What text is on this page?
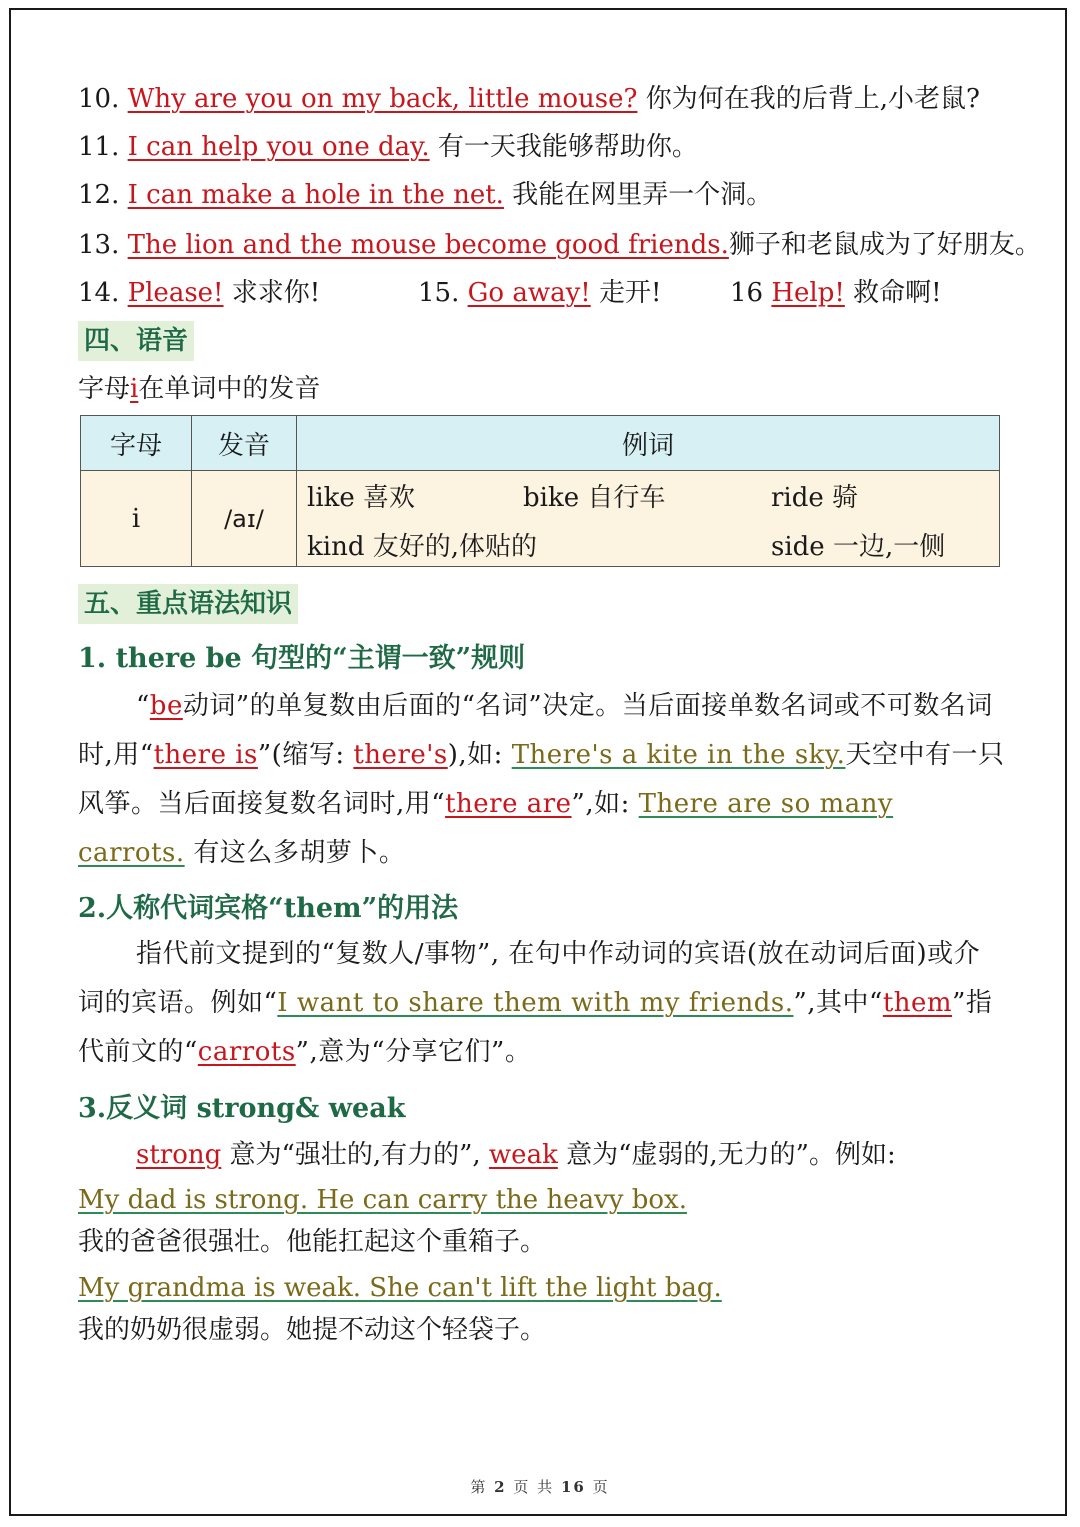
10. Why are you on my back, little mouse? 你为何在我的后背上,小老鼠?
11. I can help you one day. 有一天我能够帮助你。
12. I can make a hole in the net. 我能在网里弄一个洞。
13. The lion and the mouse become good friends.狮子和老鼠成为了好朋友。
14. Please! 求求你!	15. Go away! 走开!	16 Help! 救命啊!
四、语音
字母i在单词中的发音
字母	发音	例词
i	/aɪ/	like 喜欢 bike 自行车 ride 骑
kind 友好的,体贴的 side 一边,一侧
五、重点语法知识
1. there be 句型的“主谓一致”规则
“be动词”的单复数由后面的“名词”决定。当后面接单数名词或不可数名词时,用“there is”(缩写: there's),如: There's a kite in the sky.天空中有一只风筝。当后面接复数名词时,用“there are”,如: There are so many carrots. 有这么多胡萝卜。
2.人称代词宾格“them”的用法
指代前文提到的“复数人/事物”, 在句中作动词的宾语(放在动词后面)或介词的宾语。例如“I want to share them with my friends.”,其中“them”指代前文的“carrots”,意为“分享它们”。
3.反义词 strong& weak
strong 意为“强壮的,有力的”, weak 意为“虚弱的,无力的”。例如:
My dad is strong. He can carry the heavy box.
我的爸爸很强壮。他能扛起这个重箱子。
My grandma is weak. She can't lift the light bag.
我的奶奶很虚弱。她提不动这个轻袋子。
第 2 页 共 16 页
